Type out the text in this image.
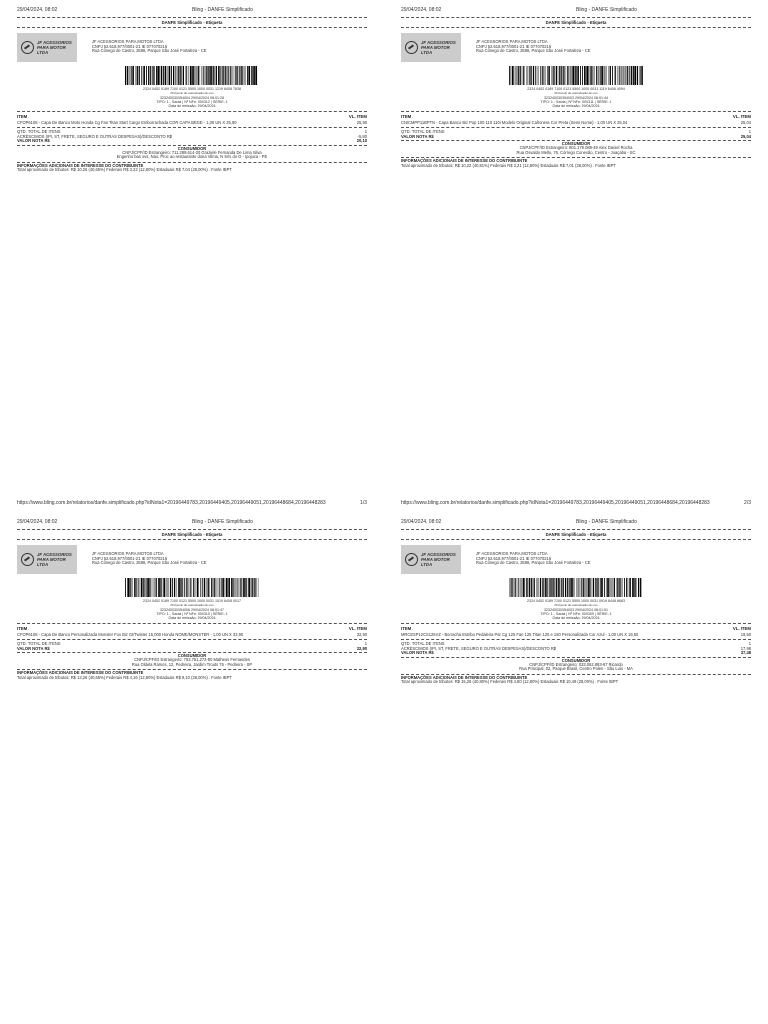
29/04/2024, 08:02	Bling - DANFE Simplificado
DANFE Simplificado - Etiqueta
JF ACESSORIOS
PARA MOTOR LTDA
JF ACESSORIOS PARA MOTOS LTDA
CNPJ 52.618.977/0001-21 IE 077070216
Rua Cônego de Castro, 3586, Parque São José Fortaleza - CE
2324 0452 0189 7100 0121 5500 1000 0031 1219 6408 7838
Protocolo de autorização de uso
323240030354004 29/04/2024 08:01:28
TIPO: 1 - Saída | Nº NFe: 000312 | SÉRIE: 1
Data de emissão: 29/04/2024
ITEM	VL. ITEM
CFOP6108 - Capa De Banco Moto Honda Cg Fan Titan Start Cargo Emborrachada COR CAPA BEGE - 1,00 UN X 25,90	25,90
QTD. TOTAL DE ITENS	1
ACRÉSCIMOS (IPI, ST, FRETE, SEGURO E OUTRAS DESPESAS)/DESCONTO R$	-5,80
VALOR NOTA R$	20,10
CONSUMIDOR
CNPJ/CPF/ID Estrangeiro: 711.289.614-20 Graziele Fernanda De Lima Silva
Engenho bas ovs, Nao, Proc ao restaurante dona Vilma, N Sris do O - Ipojuca - PE
INFORMAÇÕES ADICIONAIS DE INTERESSE DO CONTRIBUINTE
Total aproximado de tributos: R$ 10,26 (40,65%) Federais R$ 3,22 (12,80%) Estaduais R$ 7,04 (28,00%) . Fonte IBPT
https://www.bling.com.br/relatorios/danfe.simplificado.php?idNota1=20196449783,20196449405,20196449051,20196448684,20196448283	1/3
29/04/2024, 08:02	Bling - DANFE Simplificado
DANFE Simplificado - Etiqueta
JF ACESSORIOS
PARA MOTOR LTDA
JF ACESSORIOS PARA MOTOS LTDA
CNPJ 52.618.977/0001-21 IE 077070216
Rua Cônego de Castro, 3586, Parque São José Fortaleza - CE
2324 0452 0189 7100 0121 5500 1000 0031 1119 6408 4094
Protocolo de autorização de uso
323240030354003 29/04/2024 08:01:44
TIPO: 1 - Saída | Nº NFe: 000311 | SÉRIE: 1
Data de emissão: 29/04/2024
ITEM	VL. ITEM
CNICMPP11BPTN - Capa Banco Biz Pop 100 110 110i Modelo Original Cañonera Cor Preta (Semi Nome) - 1,00 UN X 25,04	25,04
QTD. TOTAL DE ITENS	1
VALOR NOTA R$	25,04
CONSUMIDOR
CNPJ/CPF/ID Estrangeiro: 801.179.088-49 Alex Daniel Rocha
Rua Osvaldo Mello, 76, Córrego Conexão, Centro - Joaçaba - SC
INFORMAÇÕES ADICIONAIS DE INTERESSE DO CONTRIBUINTE
Total aproximado de tributos: R$ 10,22 (40,81%) Federais R$ 3,21 (12,80%) Estaduais R$ 7,01 (28,00%) . Fonte IBPT
https://www.bling.com.br/relatorios/danfe.simplificado.php?idNota1=20196449783,20196449405,20196449051,20196448684,20196448283	2/3
29/04/2024, 08:02	Bling - DANFE Simplificado
DANFE Simplificado - Etiqueta
JF ACESSORIOS
PARA MOTOR LTDA
JF ACESSORIOS PARA MOTOS LTDA
CNPJ 52.618.977/0001-21 IE 077070216
Rua Cônego de Castro, 3586, Parque São José Fortaleza - CE
2324 0452 0189 7100 0121 5500 1000 0031 1019 6408 0017
Protocolo de autorização de uso
323240030354006 29/04/2024 08:01:47
TIPO: 1 - Saída | Nº NFe: 000310 | SÉRIE: 1
Data de emissão: 29/04/2024
ITEM	VL. ITEM
CFOP6108 - Capa De Banco Personalizada Monster Fox Biz Gt/Twister 15,000 Honda NOME/MONSTER - 1,00 UN X 32,90	32,90
QTD. TOTAL DE ITENS	1
VALOR NOTA R$	32,90
CONSUMIDOR
CNPJ/CPF/ID Estrangeiro: 753.751.272-80 Matheus Fernandes
Rua Oldela Ramos, 12, Pedreira, Jardim Trouts 76 - Pedreira - SP
INFORMAÇÕES ADICIONAIS DE INTERESSE DO CONTRIBUINTE
Total aproximado de tributos: R$ 13,26 (40,65%) Federais R$ 4,16 (12,80%) Estaduais R$ 9,10 (28,00%) . Fonte IBPT
29/04/2024, 08:02	Bling - DANFE Simplificado
DANFE Simplificado - Etiqueta
JF ACESSORIOS
PARA MOTOR LTDA
JF ACESSORIOS PARA MOTOS LTDA
CNPJ 52.618.977/0001-21 IE 077070216
Rua Cônego de Castro, 3586, Parque São José Fortaleza - CE
2324 0452 0189 7100 0121 5500 1000 0031 0919 6448 6663
Protocolo de autorização de uso
323240030354003 29/04/2024 08:01:51
TIPO: 1 - Saída | Nº NFe: 000309 | SÉRIE: 1
Data de emissão: 29/04/2024
ITEM	VL. ITEM
MRCESP12CS125VZ - Borracha Estribo Pedaleira Par Cg 125 Fan 125 Titan 125 e 150 Personalizada Cor Azul - 1,00 UN X 19,50	19,50
QTD. TOTAL DE ITENS	1
ACRÉSCIMOS (IPI, ST, FRETE, SEGURO E OUTRAS DESPESAS)/DESCONTO R$	17,98
VALOR NOTA R$	37,48
CONSUMIDOR
CNPJ/CPF/ID Estrangeiro: 033.062.893-67 Ricardo
Rua Principal, 02, Parque Brasil, Centro Polen - São Luís - MA
INFORMAÇÕES ADICIONAIS DE INTERESSE DO CONTRIBUINTE
Total aproximado de tributos: R$ 15,26 (40,80%) Federais R$ 4,80 (12,80%) Estaduais R$ 10,49 (28,00%) . Fonte IBPT
